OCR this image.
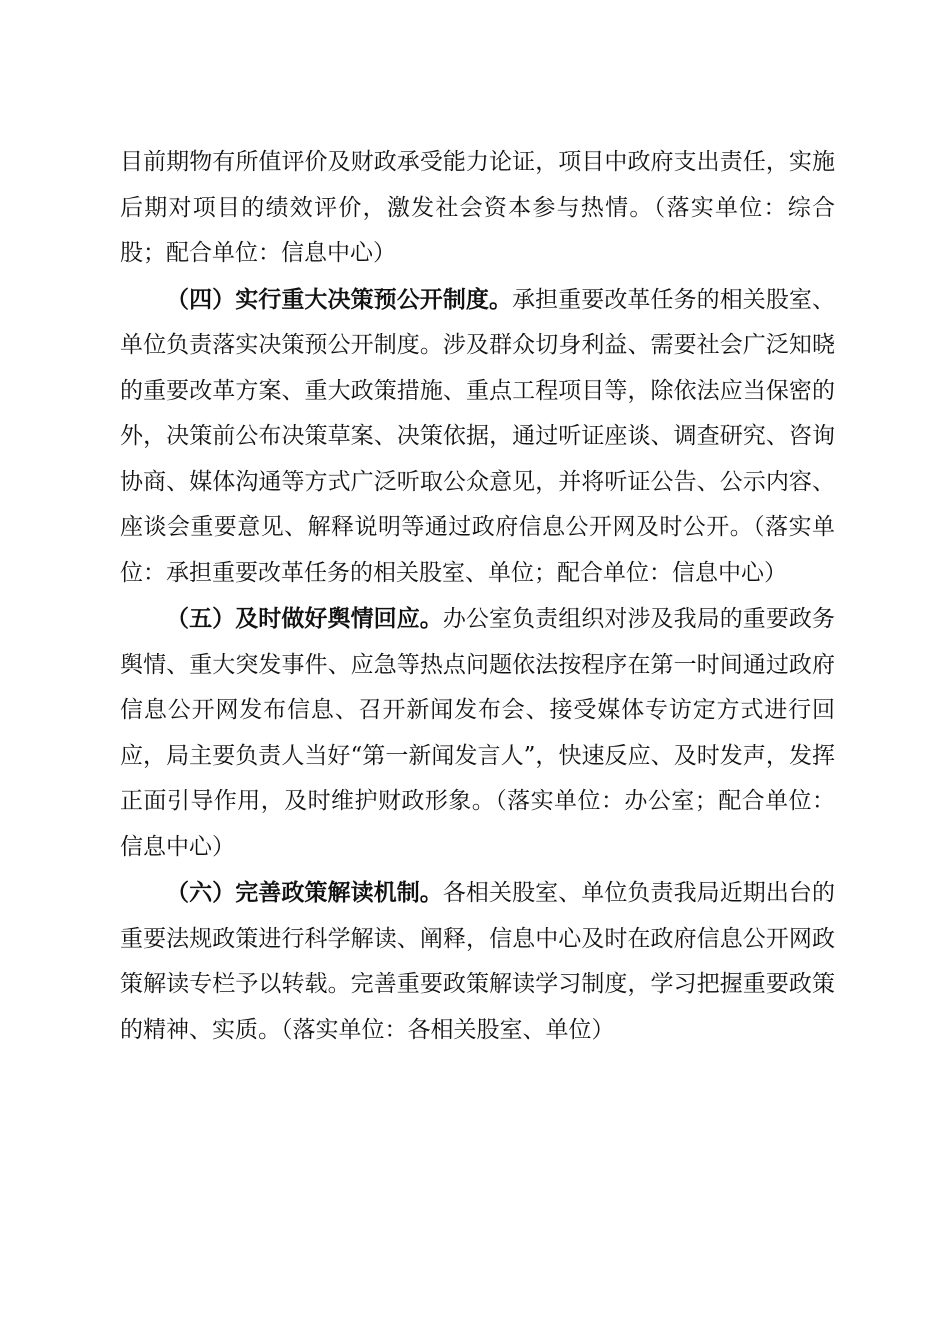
目前期物有所值评价及财政承受能力论证，项目中政府支出责任，实施后期对项目的绩效评价，激发社会资本参与热情。（落实单位：综合股；配合单位：信息中心）

（四）实行重大决策预公开制度。承担重要改革任务的相关股室、单位负责落实决策预公开制度。涉及群众切身利益、需要社会广泛知晓的重要改革方案、重大政策措施、重点工程项目等，除依法应当保密的外，决策前公布决策草案、决策依据，通过听证座谈、调查研究、咨询协商、媒体沟通等方式广泛听取公众意见，并将听证公告、公示内容、座谈会重要意见、解释说明等通过政府信息公开网及时公开。（落实单位：承担重要改革任务的相关股室、单位；配合单位：信息中心）

（五）及时做好舆情回应。办公室负责组织对涉及我局的重要政务舆情、重大突发事件、应急等热点问题依法按程序在第一时间通过政府信息公开网发布信息、召开新闻发布会、接受媒体专访定方式进行回应，局主要负责人当好“第一新闻发言人”，快速反应、及时发声，发挥正面引导作用，及时维护财政形象。（落实单位：办公室；配合单位：信息中心）

（六）完善政策解读机制。各相关股室、单位负责我局近期出台的重要法规政策进行科学解读、阐释，信息中心及时在政府信息公开网政策解读专栏予以转载。完善重要政策解读学习制度，学习把握重要政策的精神、实质。（落实单位：各相关股室、单位）
